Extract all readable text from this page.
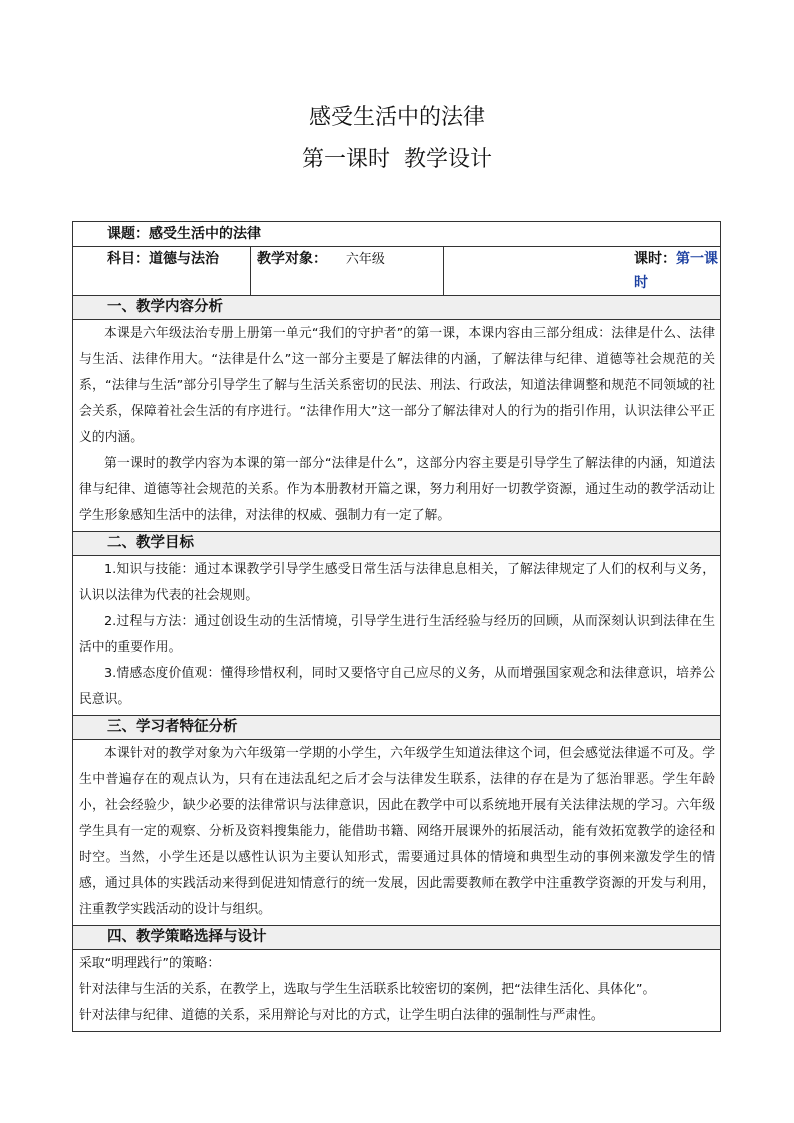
感受生活中的法律
第一课时 教学设计
课题：感受生活中的法律
科目：道德与法治	教学对象： 六年级	课时：第一课时
一、教学内容分析

本课是六年级法治专册上册第一单元“我们的守护者”的第一课，本课内容由三部分组成：法律是什么、法律与生活、法律作用大。“法律是什么”这一部分主要是了解法律的内涵，了解法律与纪律、道德等社会规范的关系，“法律与生活”部分引导学生了解与生活关系密切的民法、刑法、行政法，知道法律调整和规范不同领域的社会关系，保障着社会生活的有序进行。“法律作用大”这一部分了解法律对人的行为的指引作用，认识法律公平正义的内涵。

第一课时的教学内容为本课的第一部分“法律是什么”，这部分内容主要是引导学生了解法律的内涵，知道法律与纪律、道德等社会规范的关系。作为本册教材开篇之课，努力利用好一切教学资源，通过生动的教学活动让学生形象感知生活中的法律，对法律的权威、强制力有一定了解。

二、教学目标

1.知识与技能：通过本课教学引导学生感受日常生活与法律息息相关，了解法律规定了人们的权利与义务，认识以法律为代表的社会规则。

2.过程与方法：通过创设生动的生活情境，引导学生进行生活经验与经历的回顾，从而深刻认识到法律在生活中的重要作用。

3.情感态度价值观：懂得珍惜权利，同时又要恪守自己应尽的义务，从而增强国家观念和法律意识，培养公民意识。

三、学习者特征分析

本课针对的教学对象为六年级第一学期的小学生，六年级学生知道法律这个词，但会感觉法律遥不可及。学生中普遍存在的观点认为，只有在违法乱纪之后才会与法律发生联系，法律的存在是为了惩治罪恶。学生年龄小，社会经验少，缺少必要的法律常识与法律意识，因此在教学中可以系统地开展有关法律法规的学习。六年级学生具有一定的观察、分析及资料搜集能力，能借助书籍、网络开展课外的拓展活动，能有效拓宽教学的途径和时空。当然，小学生还是以感性认识为主要认知形式，需要通过具体的情境和典型生动的事例来激发学生的情感，通过具体的实践活动来得到促进知情意行的统一发展，因此需要教师在教学中注重教学资源的开发与利用，注重教学实践活动的设计与组织。

四、教学策略选择与设计

采取“明理践行”的策略：

针对法律与生活的关系，在教学上，选取与学生生活联系比较密切的案例，把“法律生活化、具体化”。

针对法律与纪律、道德的关系，采用辩论与对比的方式，让学生明白法律的强制性与严肃性。
